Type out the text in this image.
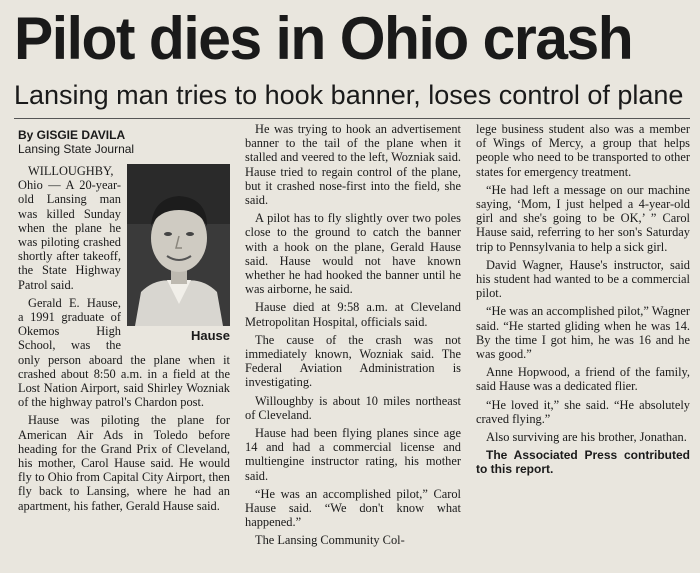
Pilot dies in Ohio crash
Lansing man tries to hook banner, loses control of plane
By GISGIE DAVILA
Lansing State Journal
Hause

WILLOUGHBY, Ohio — A 20-year-old Lansing man was killed Sunday when the plane he was piloting crashed shortly after takeoff, the State Highway Patrol said.

Gerald E. Hause, a 1991 graduate of Okemos High School, was the only person aboard the plane when it crashed about 8:50 a.m. in a field at the Lost Nation Airport, said Shirley Wozniak of the highway patrol's Chardon post.

Hause was piloting the plane for American Air Ads in Toledo before heading for the Grand Prix of Cleveland, his mother, Carol Hause said. He would fly to Ohio from Capital City Airport, then fly back to Lansing, where he had an apartment, his father, Gerald Hause said.

He was trying to hook an advertisement banner to the tail of the plane when it stalled and veered to the left, Wozniak said. Hause tried to regain control of the plane, but it crashed nose-first into the field, she said.

A pilot has to fly slightly over two poles close to the ground to catch the banner with a hook on the plane, Gerald Hause said. Hause would not have known whether he had hooked the banner until he was airborne, he said.

Hause died at 9:58 a.m. at Cleveland Metropolitan Hospital, officials said.

The cause of the crash was not immediately known, Wozniak said. The Federal Aviation Administration is investigating.

Willoughby is about 10 miles northeast of Cleveland.

Hause had been flying planes since age 14 and had a commercial license and multiengine instructor rating, his mother said.

“He was an accomplished pilot,” Carol Hause said. “We don't know what happened.”

The Lansing Community Col-

lege business student also was a member of Wings of Mercy, a group that helps people who need to be transported to other states for emergency treatment.

“He had left a message on our machine saying, ‘Mom, I just helped a 4-year-old girl and she's going to be OK,’ ” Carol Hause said, referring to her son's Saturday trip to Pennsylvania to help a sick girl.

David Wagner, Hause's instructor, said his student had wanted to be a commercial pilot.

“He was an accomplished pilot,” Wagner said. “He started gliding when he was 14. By the time I got him, he was 16 and he was good.”

Anne Hopwood, a friend of the family, said Hause was a dedicated flier.

“He loved it,” she said. “He absolutely craved flying.”

Also surviving are his brother, Jonathan.

The Associated Press contributed to this report.
